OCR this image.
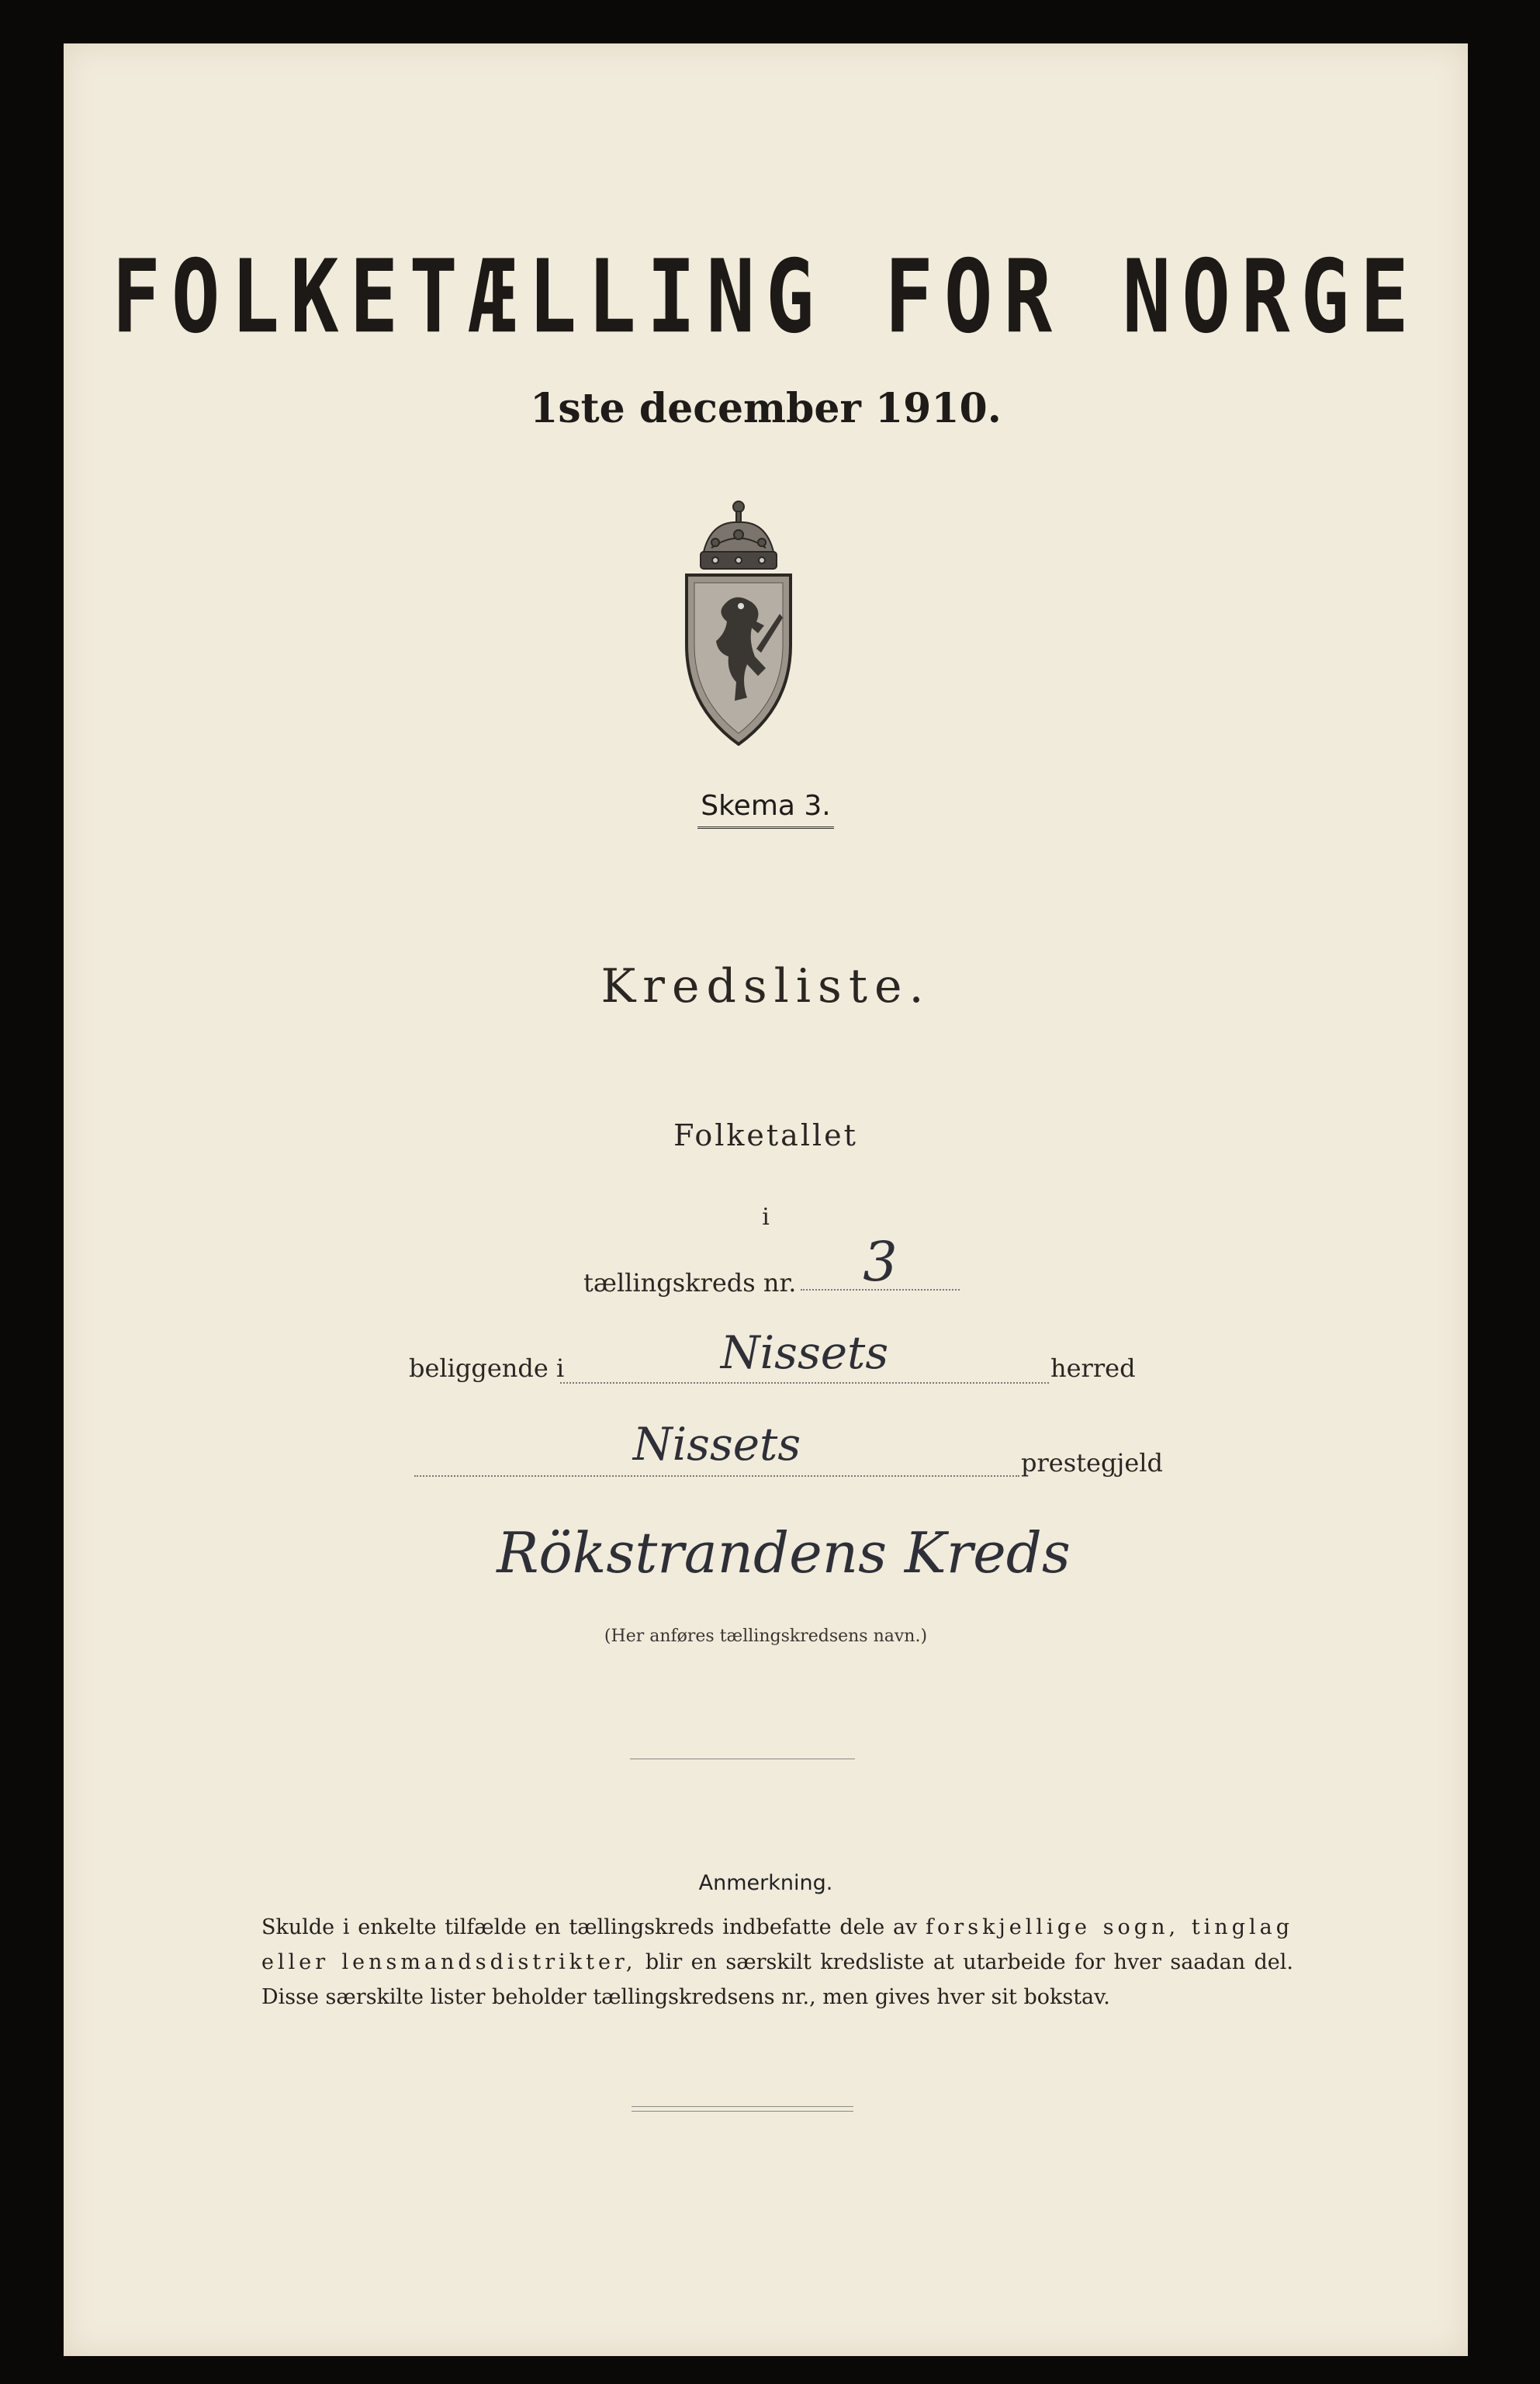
FOLKETÆLLING FOR NORGE
1ste december 1910.
Skema 3.
Kredsliste.
Folketallet
i
tællingskreds nr.	3
beliggende i	Nissets	herred
Nissets	prestegjeld
Rökstrandens Kreds
(Her anføres tællingskredsens navn.)
Anmerkning.
Skulde i enkelte tilfælde en tællingskreds indbefatte dele av forskjellige sogn, tinglag eller lensmandsdistrikter, blir en særskilt kredsliste at utarbeide for hver saadan del. Disse særskilte lister beholder tællingskredsens nr., men gives hver sit bokstav.
